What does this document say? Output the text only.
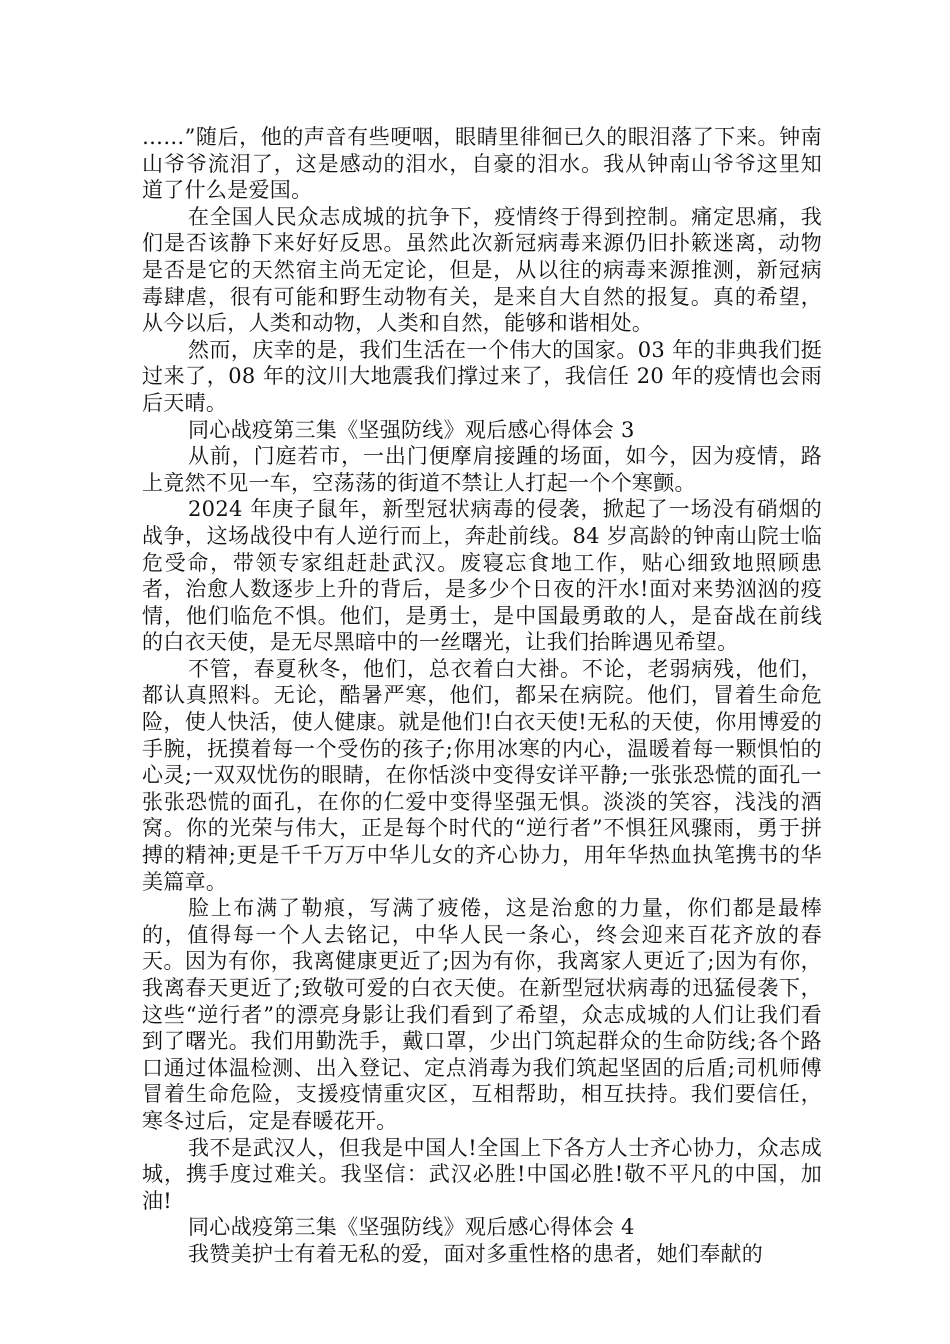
……”随后，他的声音有些哽咽，眼睛里徘徊已久的眼泪落了下来。钟南山爷爷流泪了，这是感动的泪水，自豪的泪水。我从钟南山爷爷这里知道了什么是爱国。

在全国人民众志成城的抗争下，疫情终于得到控制。痛定思痛，我们是否该静下来好好反思。虽然此次新冠病毒来源仍旧扑簌迷离，动物是否是它的天然宿主尚无定论，但是，从以往的病毒来源推测，新冠病毒肆虐，很有可能和野生动物有关，是来自大自然的报复。真的希望，从今以后，人类和动物，人类和自然，能够和谐相处。

然而，庆幸的是，我们生活在一个伟大的国家。03 年的非典我们挺过来了，08 年的汶川大地震我们撑过来了，我信任 20 年的疫情也会雨后天晴。

同心战疫第三集《坚强防线》观后感心得体会 3

从前，门庭若市，一出门便摩肩接踵的场面，如今，因为疫情，路上竟然不见一车，空荡荡的街道不禁让人打起一个个寒颤。

2024 年庚子鼠年，新型冠状病毒的侵袭，掀起了一场没有硝烟的战争，这场战役中有人逆行而上，奔赴前线。84 岁高龄的钟南山院士临危受命，带领专家组赶赴武汉。废寝忘食地工作，贴心细致地照顾患者，治愈人数逐步上升的背后，是多少个日夜的汗水!面对来势汹汹的疫情，他们临危不惧。他们，是勇士，是中国最勇敢的人，是奋战在前线的白衣天使，是无尽黑暗中的一丝曙光，让我们抬眸遇见希望。

不管，春夏秋冬，他们，总衣着白大褂。不论，老弱病残，他们，都认真照料。无论，酷暑严寒，他们，都呆在病院。他们，冒着生命危险，使人快活，使人健康。就是他们!白衣天使!无私的天使，你用博爱的手腕，抚摸着每一个受伤的孩子;你用冰寒的内心，温暖着每一颗惧怕的心灵;一双双忧伤的眼睛，在你恬淡中变得安详平静;一张张恐慌的面孔一张张恐慌的面孔，在你的仁爱中变得坚强无惧。淡淡的笑容，浅浅的酒窝。你的光荣与伟大，正是每个时代的“逆行者”不惧狂风骤雨，勇于拼搏的精神;更是千千万万中华儿女的齐心协力，用年华热血执笔携书的华美篇章。

脸上布满了勒痕，写满了疲倦，这是治愈的力量，你们都是最棒的，值得每一个人去铭记，中华人民一条心，终会迎来百花齐放的春天。因为有你，我离健康更近了;因为有你，我离家人更近了;因为有你，我离春天更近了;致敬可爱的白衣天使。在新型冠状病毒的迅猛侵袭下，这些“逆行者”的漂亮身影让我们看到了希望，众志成城的人们让我们看到了曙光。我们用勤洗手，戴口罩，少出门筑起群众的生命防线;各个路口通过体温检测、出入登记、定点消毒为我们筑起坚固的后盾;司机师傅冒着生命危险，支援疫情重灾区，互相帮助，相互扶持。我们要信任，寒冬过后，定是春暖花开。

我不是武汉人，但我是中国人!全国上下各方人士齐心协力，众志成城，携手度过难关。我坚信：武汉必胜!中国必胜!敬不平凡的中国，加油!

同心战疫第三集《坚强防线》观后感心得体会 4

我赞美护士有着无私的爱，面对多重性格的患者，她们奉献的
